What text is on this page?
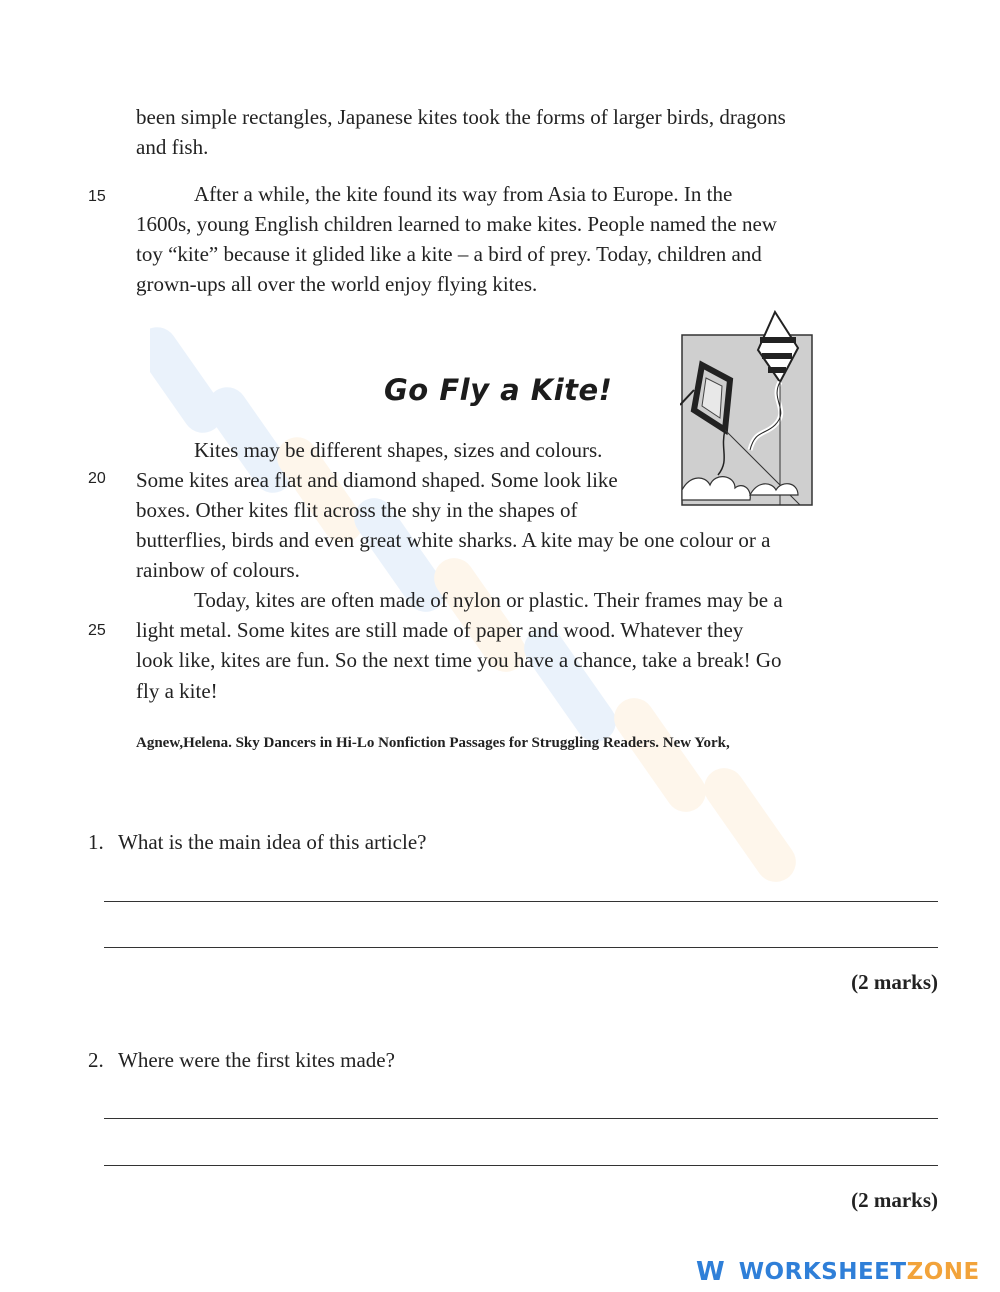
been simple rectangles, Japanese kites took the forms of larger birds, dragons
and fish.
15	After a while, the kite found its way from Asia to Europe. In the
1600s, young English children learned to make kites. People named the new
toy “kite” because it glided like a kite – a bird of prey. Today, children and
grown-ups all over the world enjoy flying kites.
Go Fly a Kite!
Kites may be different shapes, sizes and colours.
20 Some kites area flat and diamond shaped. Some look like
boxes. Other kites flit across the shy in the shapes of
butterflies, birds and even great white sharks. A kite may be one colour or a
rainbow of colours.
Today, kites are often made of nylon or plastic. Their frames may be a
25 light metal. Some kites are still made of paper and wood. Whatever they
look like, kites are fun. So the next time you have a chance, take a break! Go
fly a kite!
Agnew,Helena. Sky Dancers in Hi-Lo Nonfiction Passages for Struggling Readers. New York,
1. What is the main idea of this article?
(2 marks)
2. Where were the first kites made?
(2 marks)
W WORKSHEETZONE
